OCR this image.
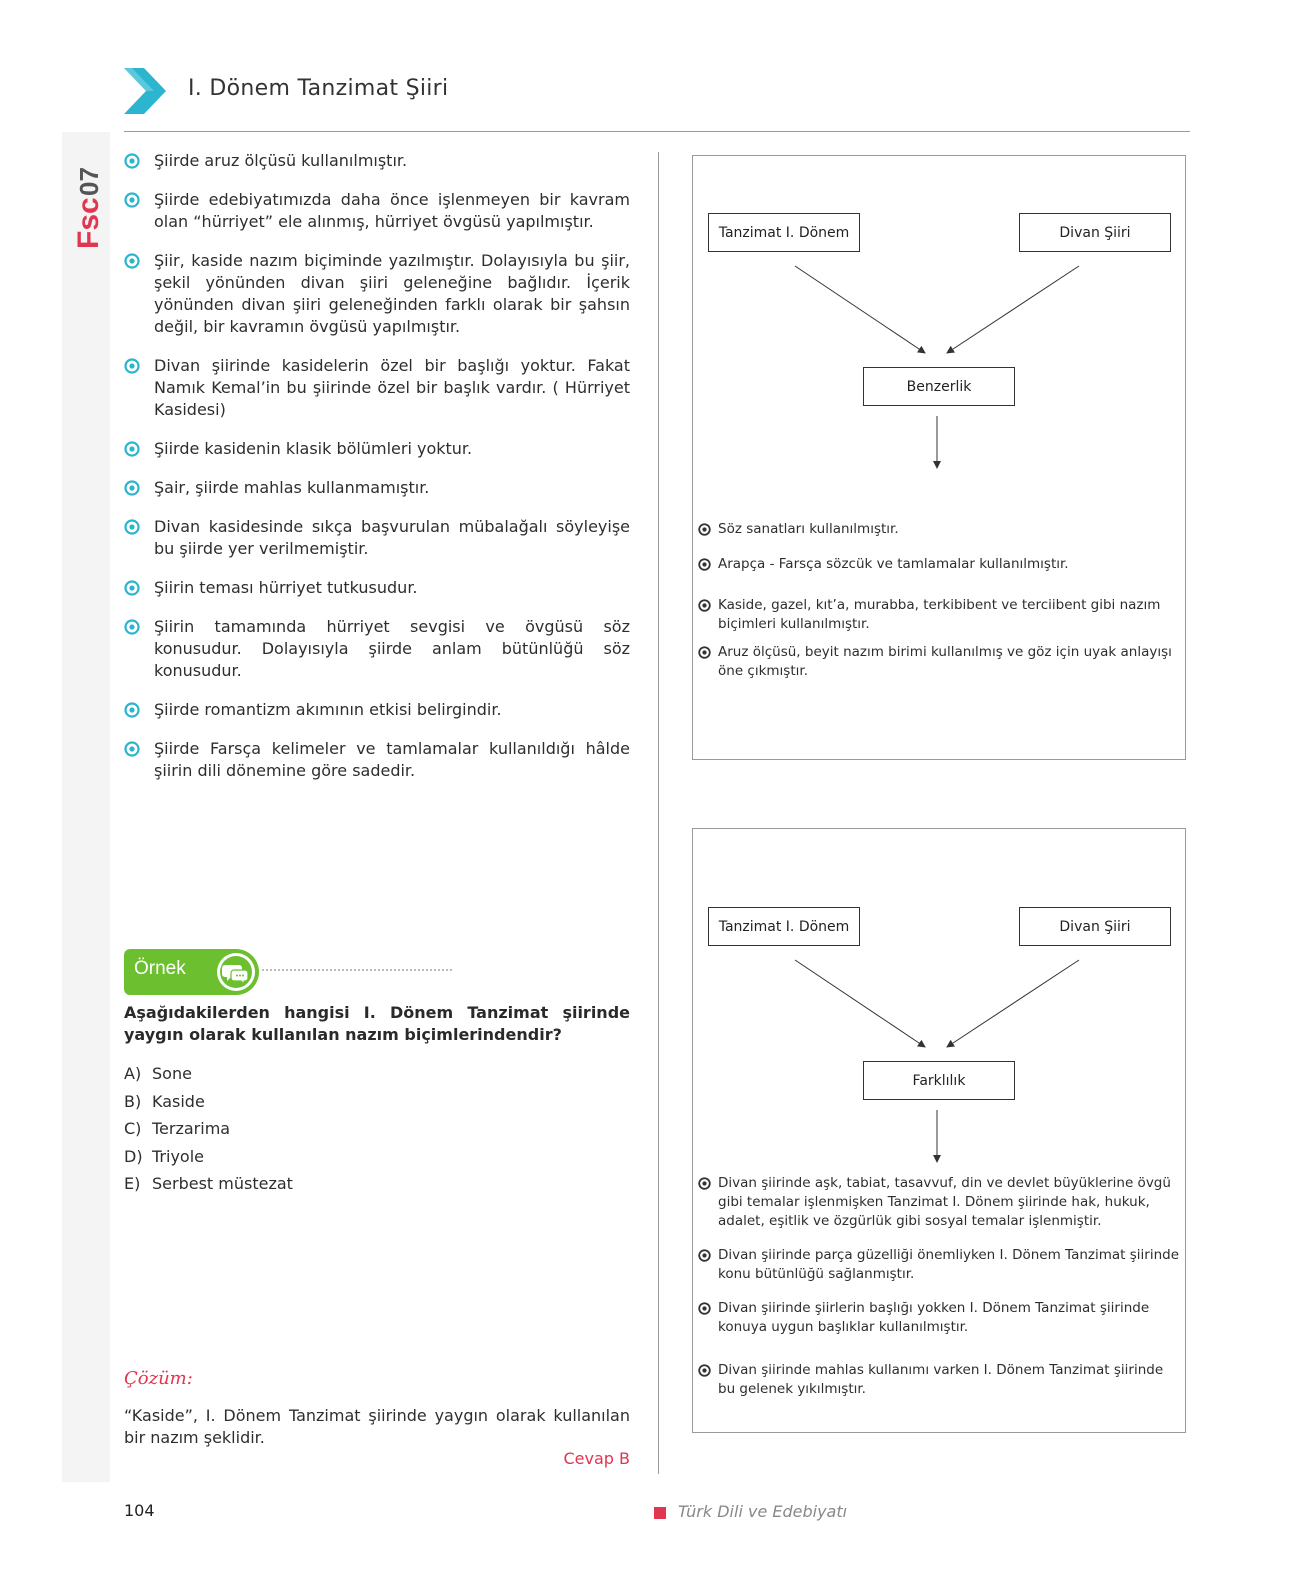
I. Dönem Tanzimat Şiiri
Fsc
07
Şiirde aruz ölçüsü kullanılmıştır.
Şiirde edebiyatımızda daha önce işlenmeyen bir kavram olan “hürriyet” ele alınmış, hürriyet övgüsü yapılmıştır.
Şiir, kaside nazım biçiminde yazılmıştır. Dolayısıyla bu şiir, şekil yönünden divan şiiri geleneğine bağlıdır. İçerik yönünden divan şiiri geleneğinden farklı olarak bir şahsın değil, bir kavramın övgüsü yapılmıştır.
Divan şiirinde kasidelerin özel bir başlığı yoktur. Fakat Namık Kemal’in bu şiirinde özel bir başlık vardır. ( Hürriyet Kasidesi)
Şiirde kasidenin klasik bölümleri yoktur.
Şair, şiirde mahlas kullanmamıştır.
Divan kasidesinde sıkça başvurulan mübalağalı söyleyişe bu şiirde yer verilmemiştir.
Şiirin teması hürriyet tutkusudur.
Şiirin tamamında hürriyet sevgisi ve övgüsü söz konusudur. Dolayısıyla şiirde anlam bütünlüğü söz konusudur.
Şiirde romantizm akımının etkisi belirgindir.
Şiirde Farsça kelimeler ve tamlamalar kullanıldığı hâlde şiirin dili dönemine göre sadedir.
Örnek
Aşağıdakilerden hangisi I. Dönem Tanzimat şiirinde yaygın olarak kullanılan nazım biçimlerindendir?
A) Sone
B) Kaside
C) Terzarima
D) Triyole
E) Serbest müstezat
Çözüm:
“Kaside”, I. Dönem Tanzimat şiirinde yaygın olarak kullanılan bir nazım şeklidir.
Cevap B
Tanzimat I. Dönem	Divan Şiiri
Benzerlik
Söz sanatları kullanılmıştır.
Arapça - Farsça sözcük ve tamlamalar kullanılmıştır.
Kaside, gazel, kıt’a, murabba, terkibibent ve terciibent gibi nazım biçimleri kullanılmıştır.
Aruz ölçüsü, beyit nazım birimi kullanılmış ve göz için uyak anlayışı öne çıkmıştır.
Tanzimat I. Dönem	Divan Şiiri
Farklılık
Divan şiirinde aşk, tabiat, tasavvuf, din ve devlet büyüklerine övgü gibi temalar işlenmişken Tanzimat I. Dönem şiirinde hak, hukuk, adalet, eşitlik ve özgürlük gibi sosyal temalar işlenmiştir.
Divan şiirinde parça güzelliği önemliyken I. Dönem Tanzimat şiirinde konu bütünlüğü sağlanmıştır.
Divan şiirinde şiirlerin başlığı yokken I. Dönem Tanzimat şiirinde konuya uygun başlıklar kullanılmıştır.
Divan şiirinde mahlas kullanımı varken I. Dönem Tanzimat şiirinde bu gelenek yıkılmıştır.
104	Türk Dili ve Edebiyatı
